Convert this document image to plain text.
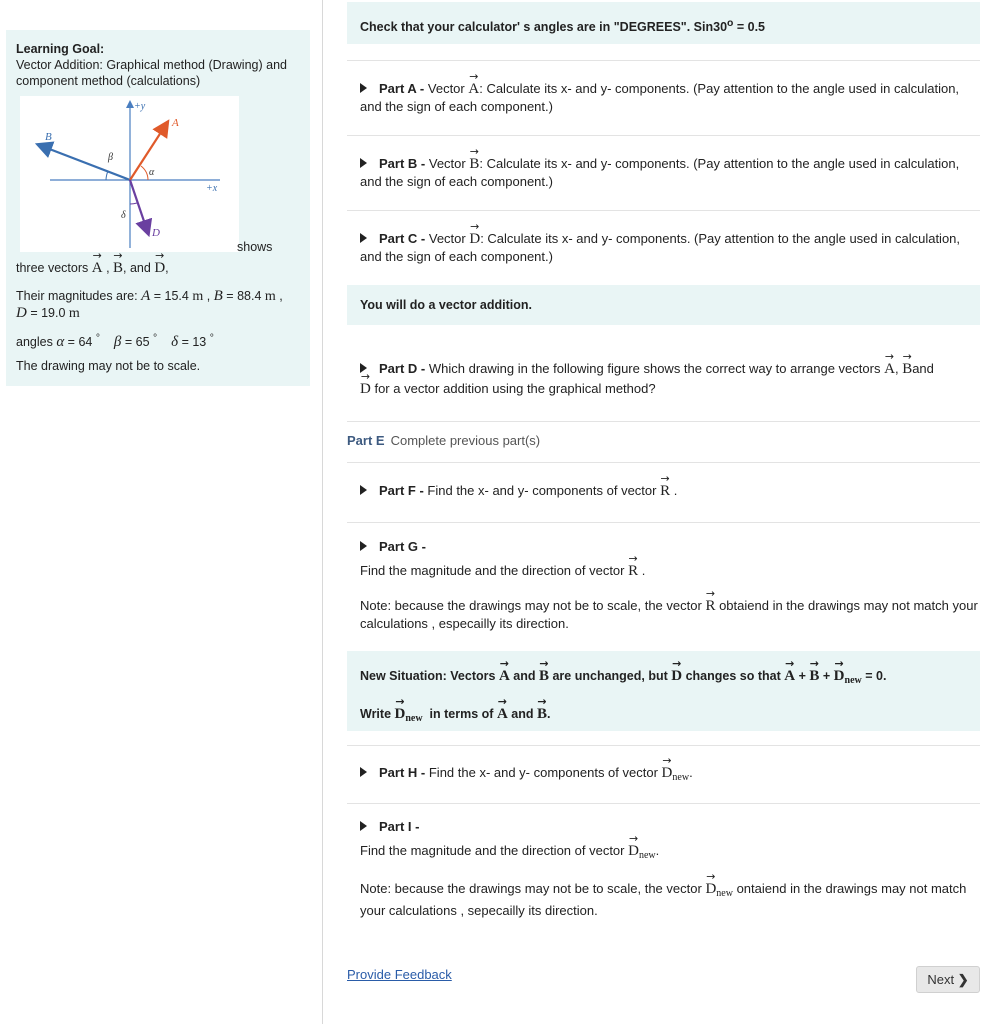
Learning Goal:
Vector Addition: Graphical method (Drawing) and component method (calculations)
+y
+x
B
A
D
α
β
δ
shows
three vectors → A , → B, and → D,
Their magnitudes are: A = 15.4 m , B = 88.4 m ,
D = 19.0 m
angles α = 64 ° β = 65 ° δ = 13 °
The drawing may not be to scale.
Check that your calculator' s angles are in "DEGREES". $Sin30^o = 0.5$
Part A - Vector → A: Calculate its x- and y- components. (Pay attention to the angle used in calculation, and the sign of each component.)
Part B - Vector → B: Calculate its x- and y- components. (Pay attention to the angle used in calculation, and the sign of each component.)
Part C - Vector → D: Calculate its x- and y- components. (Pay attention to the angle used in calculation, and the sign of each component.)
You will do a vector addition.
Part D - Which drawing in the following figure shows the correct way to arrange vectors → A, → Band
→ D for a vector addition using the graphical method?
Part E Complete previous part(s)
Part F - Find the x- and y- components of vector → R .
Part G -
Find the magnitude and the direction of vector → R .
Note: because the drawings may not be to scale, the vector → R obtaiend in the drawings may not match your calculations , especailly its direction.
New Situation: Vectors → A and → B are unchanged, but → D changes so that → A + → B + → $D_{new} = 0$.
Write → $D_{new}$ in terms of → A and → B.
Part H - Find the x- and y- components of vector → $D_{new}$.
Part I -
Find the magnitude and the direction of vector → $D_{new}$.
Note: because the drawings may not be to scale, the vector → $D_{new}$ ontaiend in the drawings may not match your calculations , sepecailly its direction.
Provide Feedback	Next ❯
